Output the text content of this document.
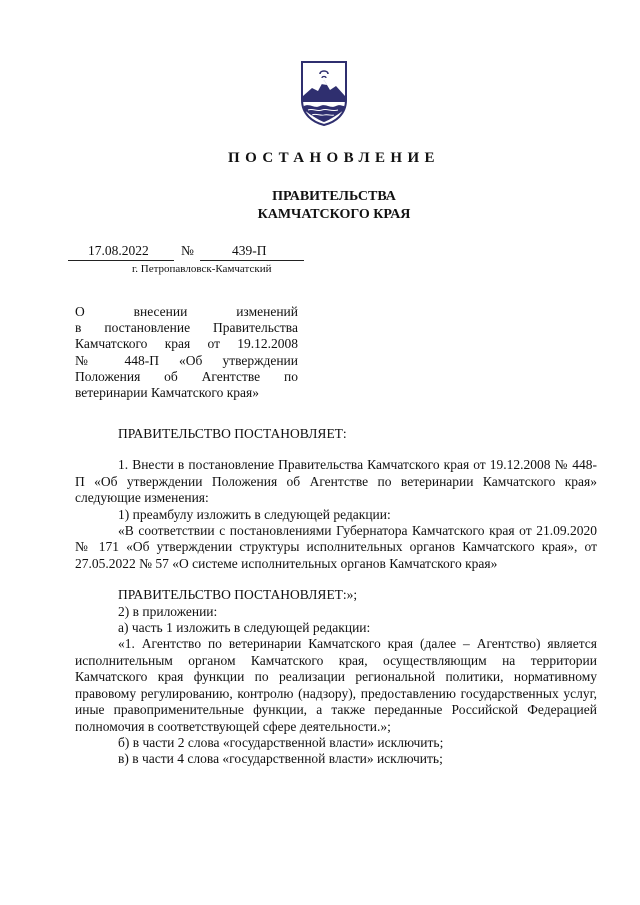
ПОСТАНОВЛЕНИЕ
ПРАВИТЕЛЬСТВА
КАМЧАТСКОГО КРАЯ
17.08.2022 №	439-П
г. Петропавловск-Камчатский
О внесении изменений
в постановление Правительства
Камчатского края от 19.12.2008
№ 448-П «Об утверждении
Положения об Агентстве по
ветеринарии Камчатского края»

ПРАВИТЕЛЬСТВО ПОСТАНОВЛЯЕТ:

1. Внести в постановление Правительства Камчатского края от 19.12.2008 № 448-П «Об утверждении Положения об Агентстве по ветеринарии Камчатского края» следующие изменения:

1) преамбулу изложить в следующей редакции:

«В соответствии с постановлениями Губернатора Камчатского края от 21.09.2020 № 171 «Об утверждении структуры исполнительных органов Камчатского края», от 27.05.2022 № 57 «О системе исполнительных органов Камчатского края»

ПРАВИТЕЛЬСТВО ПОСТАНОВЛЯЕТ:»;

2) в приложении:

а) часть 1 изложить в следующей редакции:

«1. Агентство по ветеринарии Камчатского края (далее – Агентство) является исполнительным органом Камчатского края, осуществляющим на территории Камчатского края функции по реализации региональной политики, нормативному правовому регулированию, контролю (надзору), предоставлению государственных услуг, иные правоприменительные функции, а также переданные Российской Федерацией полномочия в соответствующей сфере деятельности.»;

б) в части 2 слова «государственной власти» исключить;

в) в части 4 слова «государственной власти» исключить;
